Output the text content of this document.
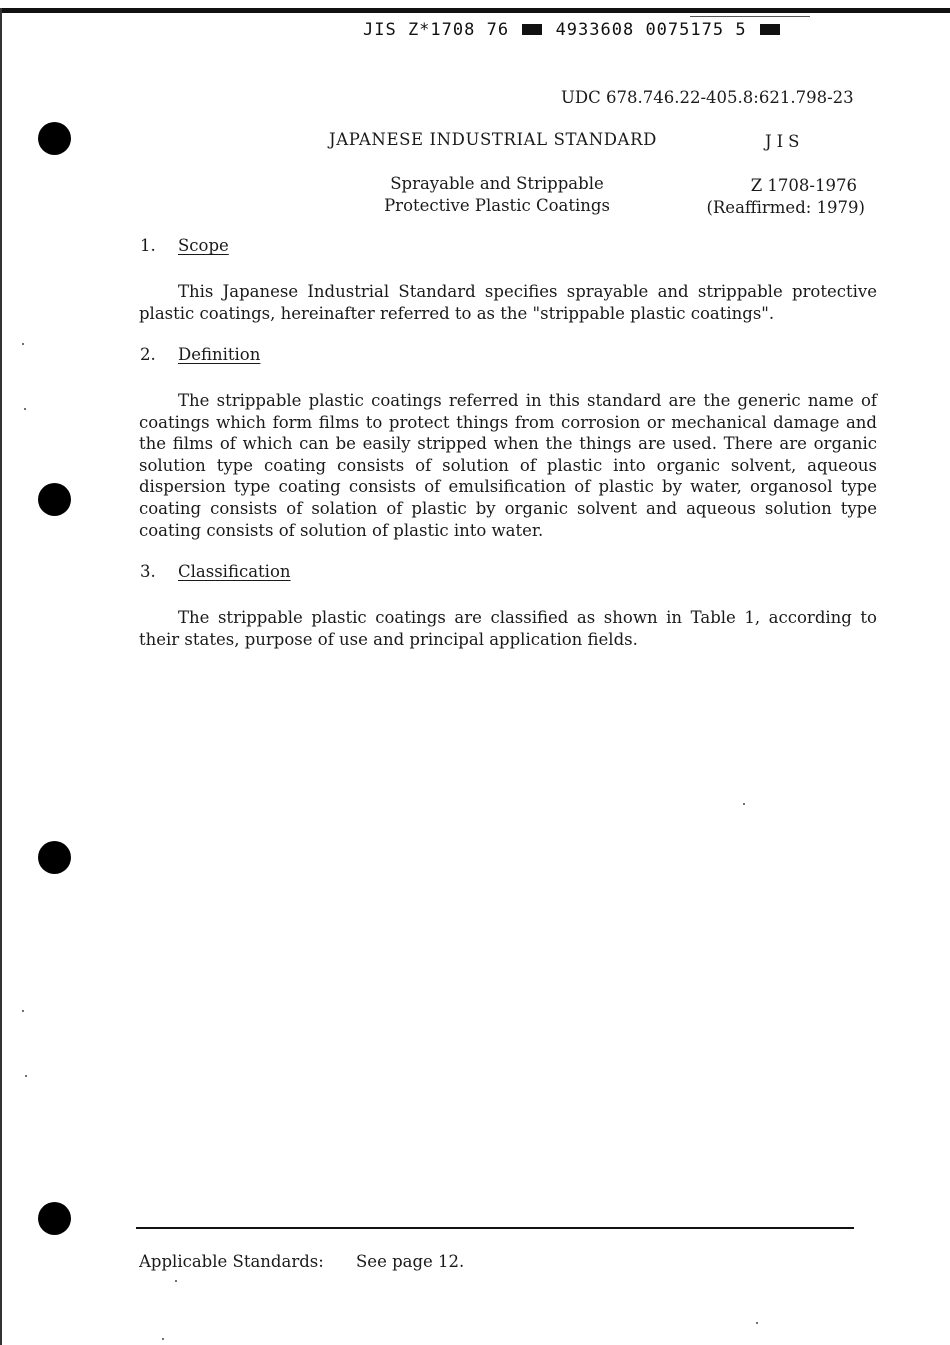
JIS Z*1708 76	4933608 0075175 5
UDC 678.746.22-405.8:621.798-23
JAPANESE INDUSTRIAL STANDARD	JIS
Sprayable and Strippable
Protective Plastic Coatings
Z 1708-1976
(Reaffirmed: 1979)
1. Scope

This Japanese Industrial Standard specifies sprayable and strippable protective plastic coatings, hereinafter referred to as the "strippable plastic coatings".

2. Definition

The strippable plastic coatings referred in this standard are the generic name of coatings which form films to protect things from corrosion or mechanical damage and the films of which can be easily stripped when the things are used. There are organic solution type coating consists of solution of plastic into organic solvent, aqueous dispersion type coating consists of emulsification of plastic by water, organosol type coating consists of solation of plastic by organic solvent and aqueous solution type coating consists of solution of plastic into water.

3. Classification

The strippable plastic coatings are classified as shown in Table 1, according to their states, purpose of use and principal application fields.

Applicable Standards: See page 12.
